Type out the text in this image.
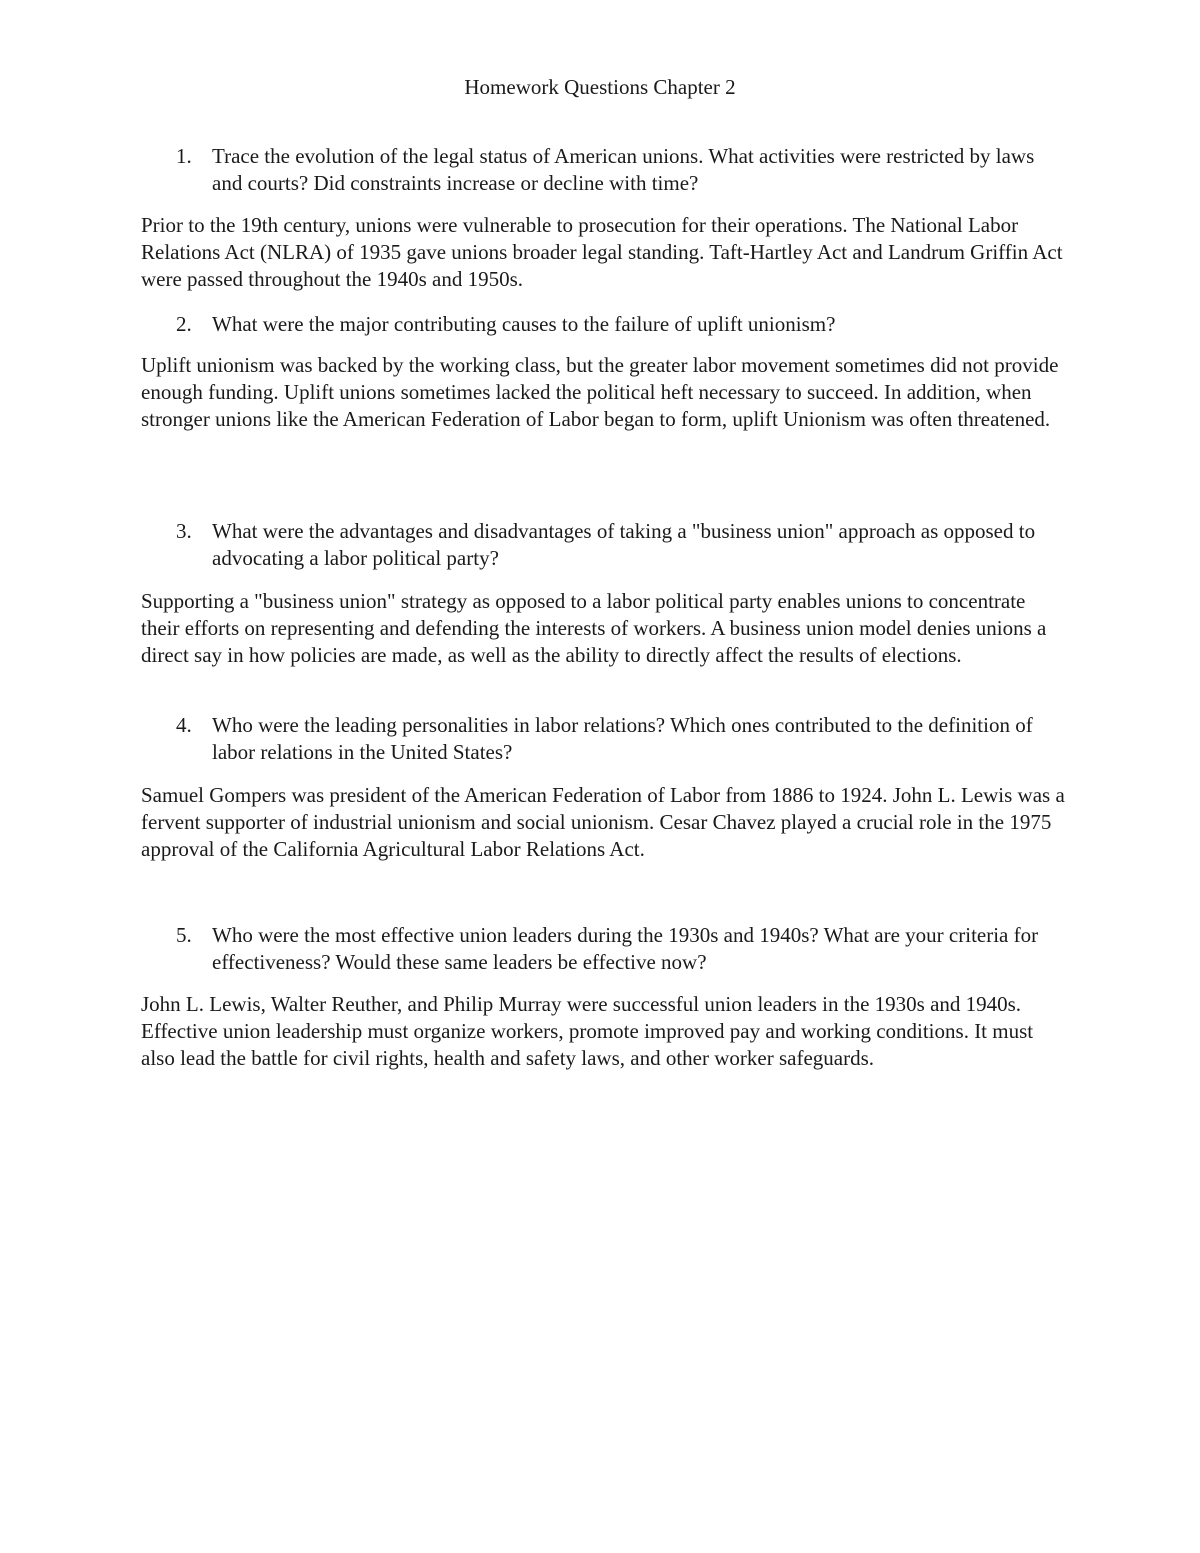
Homework Questions Chapter 2
1. Trace the evolution of the legal status of American unions. What activities were restricted by laws and courts? Did constraints increase or decline with time?

Prior to the 19th century, unions were vulnerable to prosecution for their operations. The National Labor Relations Act (NLRA) of 1935 gave unions broader legal standing. Taft-Hartley Act and Landrum Griffin Act were passed throughout the 1940s and 1950s.

2. What were the major contributing causes to the failure of uplift unionism?

Uplift unionism was backed by the working class, but the greater labor movement sometimes did not provide enough funding. Uplift unions sometimes lacked the political heft necessary to succeed. In addition, when stronger unions like the American Federation of Labor began to form, uplift Unionism was often threatened.

3. What were the advantages and disadvantages of taking a "business union" approach as opposed to advocating a labor political party?

Supporting a "business union" strategy as opposed to a labor political party enables unions to concentrate their efforts on representing and defending the interests of workers. A business union model denies unions a direct say in how policies are made, as well as the ability to directly affect the results of elections.

4. Who were the leading personalities in labor relations? Which ones contributed to the definition of labor relations in the United States?

Samuel Gompers was president of the American Federation of Labor from 1886 to 1924. John L. Lewis was a fervent supporter of industrial unionism and social unionism. Cesar Chavez played a crucial role in the 1975 approval of the California Agricultural Labor Relations Act.

5. Who were the most effective union leaders during the 1930s and 1940s? What are your criteria for effectiveness? Would these same leaders be effective now?

John L. Lewis, Walter Reuther, and Philip Murray were successful union leaders in the 1930s and 1940s. Effective union leadership must organize workers, promote improved pay and working conditions. It must also lead the battle for civil rights, health and safety laws, and other worker safeguards.
